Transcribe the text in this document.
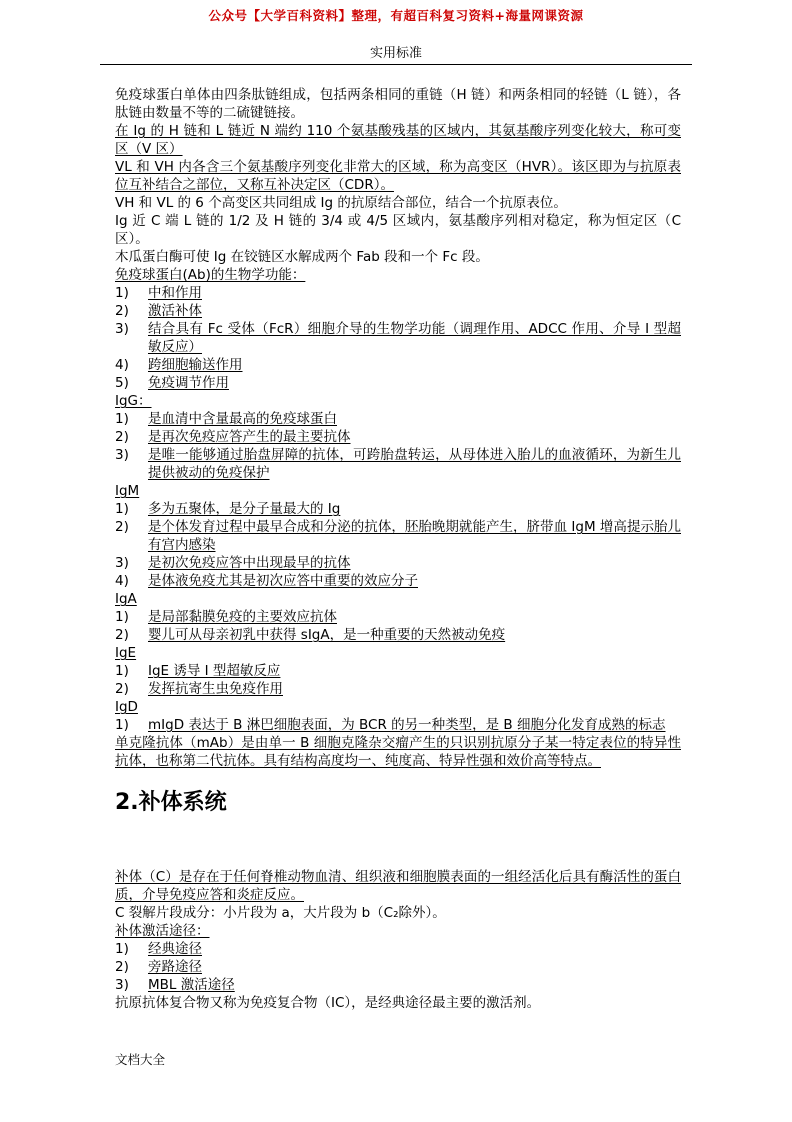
公众号【大学百科资料】整理，有超百科复习资料+海量网课资源
实用标准
免疫球蛋白单体由四条肽链组成，包括两条相同的重链（H 链）和两条相同的轻链（L 链），各肽链由数量不等的二硫键链接。
在 Ig 的 H 链和 L 链近 N 端约 110 个氨基酸残基的区域内，其氨基酸序列变化较大，称可变区（V 区）
VL 和 VH 内各含三个氨基酸序列变化非常大的区域，称为高变区（HVR）。该区即为与抗原表位互补结合之部位，又称互补决定区（CDR）。
VH 和 VL 的 6 个高变区共同组成 Ig 的抗原结合部位，结合一个抗原表位。
Ig 近 C 端 L 链的 1/2 及 H 链的 3/4 或 4/5 区域内，氨基酸序列相对稳定，称为恒定区（C 区）。
木瓜蛋白酶可使 Ig 在铰链区水解成两个 Fab 段和一个 Fc 段。
免疫球蛋白(Ab)的生物学功能：
1)	中和作用
2)	激活补体
3)	结合具有 Fc 受体（FcR）细胞介导的生物学功能（调理作用、ADCC 作用、介导 I 型超敏反应）
4)	跨细胞输送作用
5)	免疫调节作用
IgG：
1)	是血清中含量最高的免疫球蛋白
2)	是再次免疫应答产生的最主要抗体
3)	是唯一能够通过胎盘屏障的抗体，可跨胎盘转运，从母体进入胎儿的血液循环，为新生儿提供被动的免疫保护
IgM
1)	多为五聚体，是分子量最大的 Ig
2)	是个体发育过程中最早合成和分泌的抗体，胚胎晚期就能产生，脐带血 IgM 增高提示胎儿有宫内感染
3)	是初次免疫应答中出现最早的抗体
4)	是体液免疫尤其是初次应答中重要的效应分子
IgA
1)	是局部黏膜免疫的主要效应抗体
2)	婴儿可从母亲初乳中获得 sIgA，是一种重要的天然被动免疫
IgE
1)	IgE 诱导 I 型超敏反应
2)	发挥抗寄生虫免疫作用
IgD
1)	mIgD 表达于 B 淋巴细胞表面，为 BCR 的另一种类型，是 B 细胞分化发育成熟的标志
单克隆抗体（mAb）是由单一 B 细胞克隆杂交瘤产生的只识别抗原分子某一特定表位的特异性抗体，也称第二代抗体。具有结构高度均一、纯度高、特异性强和效价高等特点。
2.补体系统
补体（C）是存在于任何脊椎动物血清、组织液和细胞膜表面的一组经活化后具有酶活性的蛋白质，介导免疫应答和炎症反应。
C 裂解片段成分：小片段为 a，大片段为 b（C₂除外）。
补体激活途径：
1)	经典途径
2)	旁路途径
3)	MBL 激活途径
抗原抗体复合物又称为免疫复合物（IC），是经典途径最主要的激活剂。
文档大全
